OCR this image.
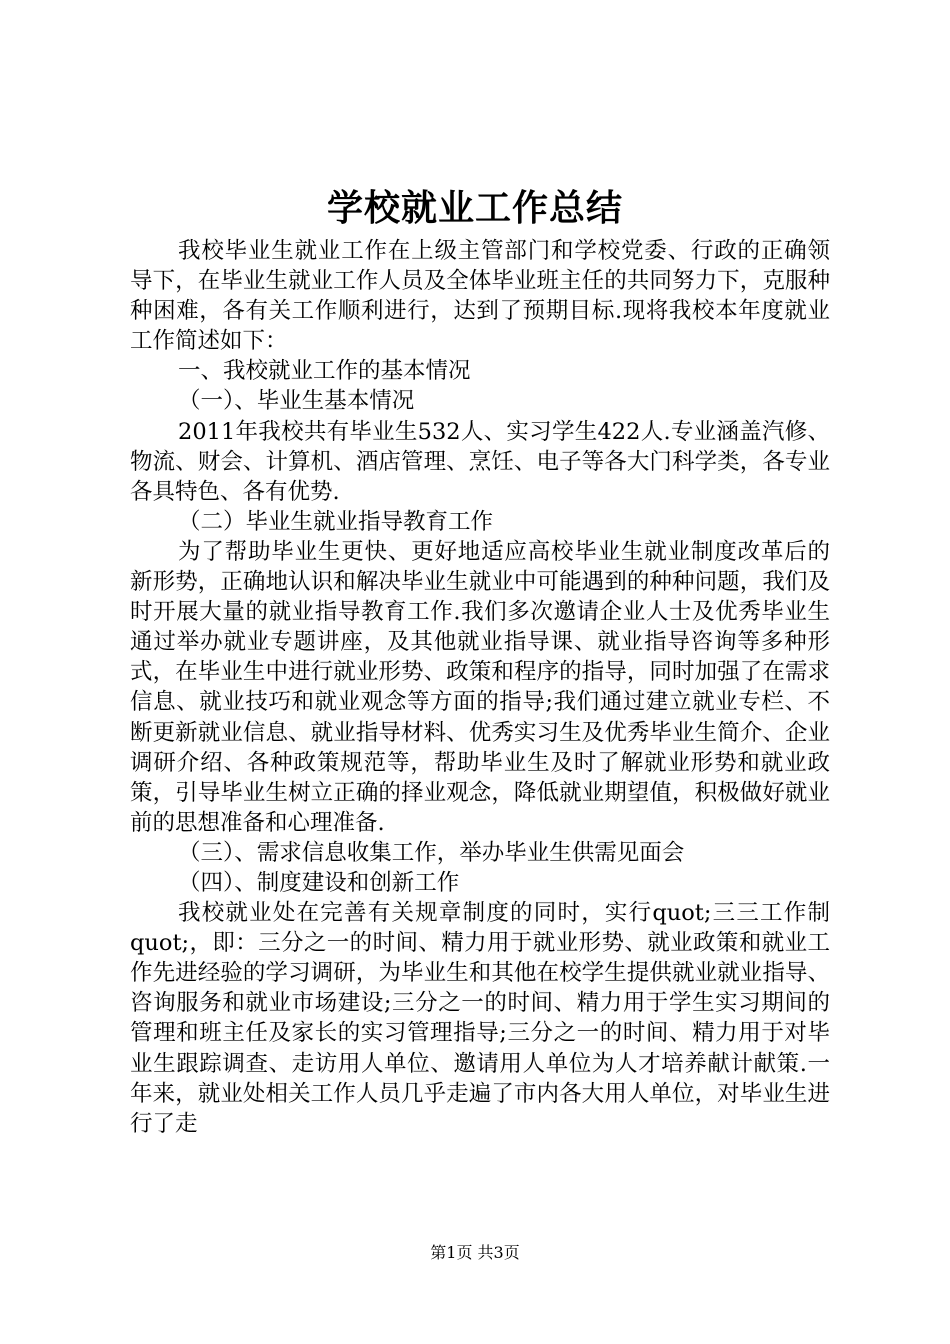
学校就业工作总结

我校毕业生就业工作在上级主管部门和学校党委、行政的正确领导下，在毕业生就业工作人员及全体毕业班主任的共同努力下，克服种种困难，各有关工作顺利进行，达到了预期目标.现将我校本年度就业工作简述如下：

一、我校就业工作的基本情况

（一）、毕业生基本情况

2011年我校共有毕业生532人、实习学生422人.专业涵盖汽修、物流、财会、计算机、酒店管理、烹饪、电子等各大门科学类，各专业各具特色、各有优势.

（二）毕业生就业指导教育工作

为了帮助毕业生更快、更好地适应高校毕业生就业制度改革后的新形势，正确地认识和解决毕业生就业中可能遇到的种种问题，我们及时开展大量的就业指导教育工作.我们多次邀请企业人士及优秀毕业生通过举办就业专题讲座，及其他就业指导课、就业指导咨询等多种形式，在毕业生中进行就业形势、政策和程序的指导，同时加强了在需求信息、就业技巧和就业观念等方面的指导;我们通过建立就业专栏、不断更新就业信息、就业指导材料、优秀实习生及优秀毕业生简介、企业调研介绍、各种政策规范等，帮助毕业生及时了解就业形势和就业政策，引导毕业生树立正确的择业观念，降低就业期望值，积极做好就业前的思想准备和心理准备.

（三）、需求信息收集工作，举办毕业生供需见面会

（四）、制度建设和创新工作

我校就业处在完善有关规章制度的同时，实行quot;三三工作制quot;，即：三分之一的时间、精力用于就业形势、就业政策和就业工作先进经验的学习调研，为毕业生和其他在校学生提供就业就业指导、咨询服务和就业市场建设;三分之一的时间、精力用于学生实习期间的管理和班主任及家长的实习管理指导;三分之一的时间、精力用于对毕业生跟踪调查、走访用人单位、邀请用人单位为人才培养献计献策.一年来，就业处相关工作人员几乎走遍了市内各大用人单位，对毕业生进行了走

第1页 共3页
